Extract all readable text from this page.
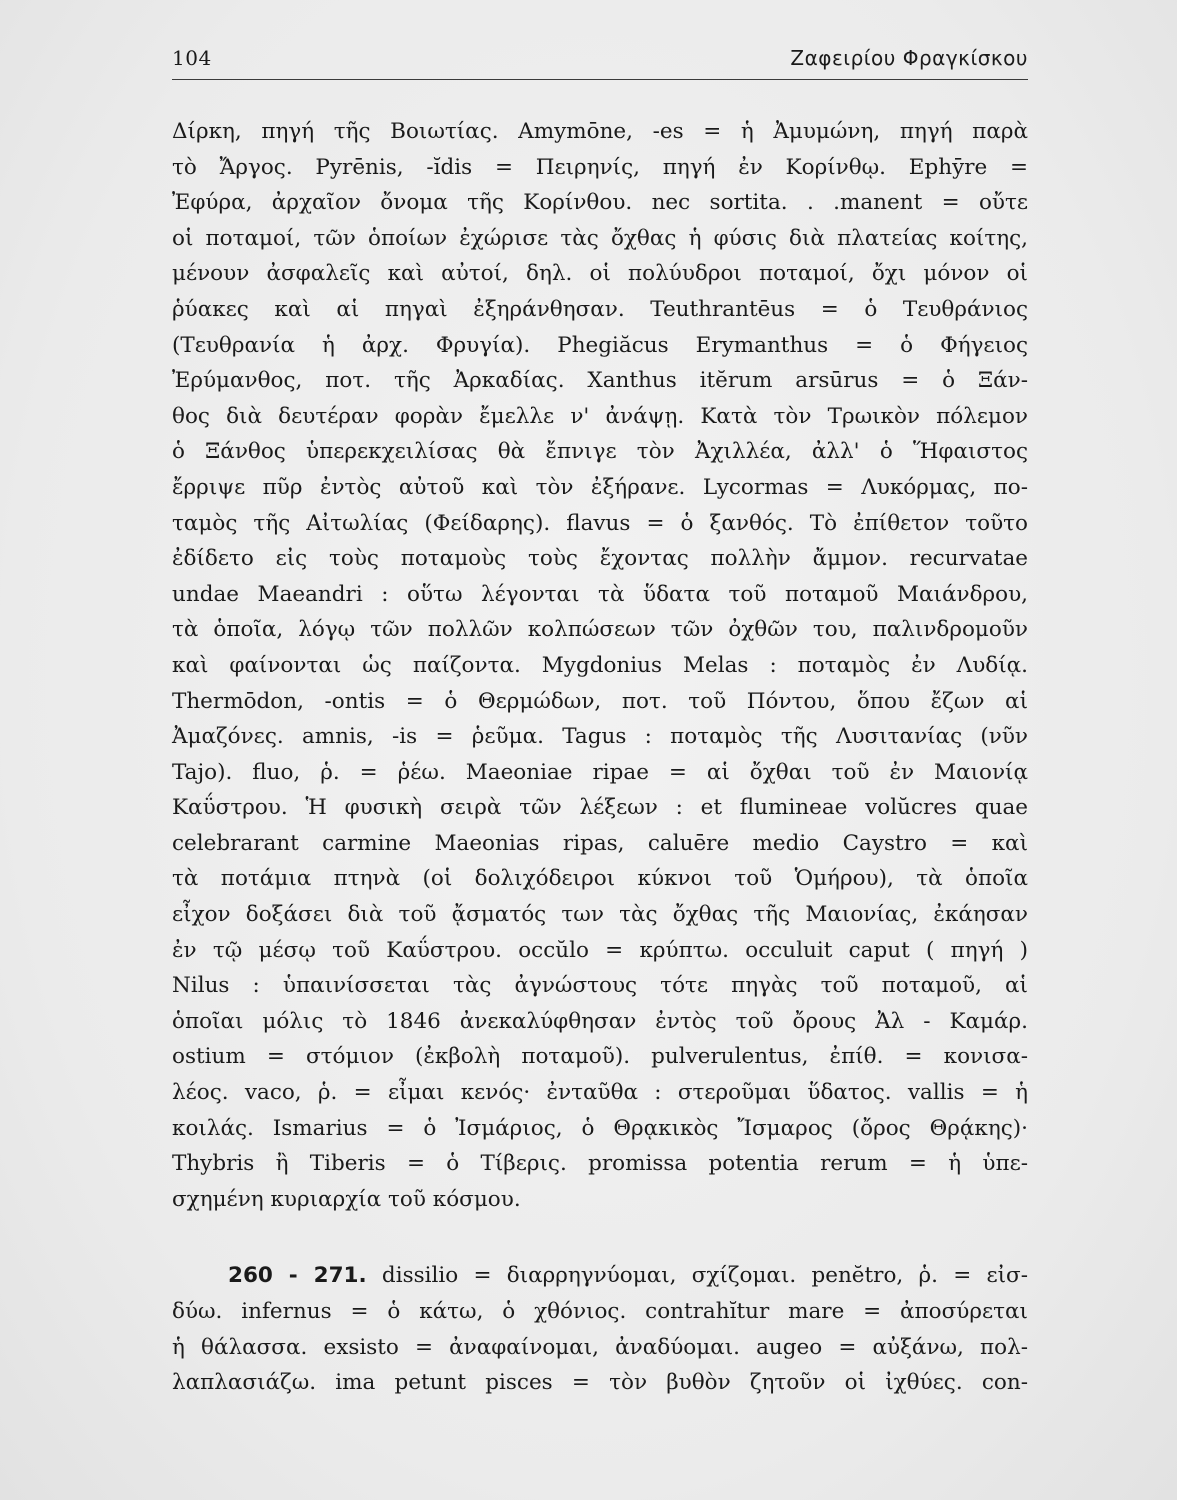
104	Ζαφειρίου Φραγκίσκου
Δίρκη, πηγή τῆς Βοιωτίας. Amymōne, -es = ἡ Ἀμυμώνη, πηγή παρὰ
τὸ Ἄργος. Pyrēnis, -ĭdis = Πειρηνίς, πηγή ἐν Κορίνθῳ. Ephȳre =
Ἐφύρα, ἀρχαῖον ὄνομα τῆς Κορίνθου. nec sortita. . .manent = οὔτε
οἱ ποταμοί, τῶν ὁποίων ἐχώρισε τὰς ὄχθας ἡ φύσις διὰ πλατείας κοίτης,
μένουν ἀσφαλεῖς καὶ αὐτοί, δηλ. οἱ πολύυδροι ποταμοί, ὄχι μόνον οἱ
ῥύακες καὶ αἱ πηγαὶ ἐξηράνθησαν. Teuthrantēus = ὁ Τευθράνιος
(Τευθρανία ἡ ἀρχ. Φρυγία). Phegiăcus Erymanthus = ὁ Φήγειος
Ἐρύμανθος, ποτ. τῆς Ἀρκαδίας. Xanthus itĕrum arsūrus = ὁ Ξάν-
θος διὰ δευτέραν φορὰν ἔμελλε ν' ἀνάψῃ. Κατὰ τὸν Τρωικὸν πόλεμον
ὁ Ξάνθος ὑπερεκχειλίσας θὰ ἔπνιγε τὸν Ἀχιλλέα, ἀλλ' ὁ Ἥφαιστος
ἔρριψε πῦρ ἐντὸς αὐτοῦ καὶ τὸν ἐξήρανε. Lycormas = Λυκόρμας, πο-
ταμὸς τῆς Αἰτωλίας (Φείδαρης). flavus = ὁ ξανθός. Τὸ ἐπίθετον τοῦτο
ἐδίδετο εἰς τοὺς ποταμοὺς τοὺς ἔχοντας πολλὴν ἄμμον. recurvatae
undae Maeandri : οὕτω λέγονται τὰ ὕδατα τοῦ ποταμοῦ Μαιάνδρου,
τὰ ὁποῖα, λόγῳ τῶν πολλῶν κολπώσεων τῶν ὀχθῶν του, παλινδρομοῦν
καὶ φαίνονται ὡς παίζοντα. Mygdonius Melas : ποταμὸς ἐν Λυδίᾳ.
Thermōdon, -ontis = ὁ Θερμώδων, ποτ. τοῦ Πόντου, ὅπου ἔζων αἱ
Ἀμαζόνες. amnis, -is = ῥεῦμα. Tagus : ποταμὸς τῆς Λυσιτανίας (νῦν
Tajo). fluo, ῥ. = ῥέω. Maeoniae ripae = αἱ ὄχθαι τοῦ ἐν Μαιονίᾳ
Καΰστρου. Ἡ φυσικὴ σειρὰ τῶν λέξεων : et flumineae volŭcres quae
celebrarant carmine Maeonias ripas, caluēre medio Caystro = καὶ
τὰ ποτάμια πτηνὰ (οἱ δολιχόδειροι κύκνοι τοῦ Ὁμήρου), τὰ ὁποῖα
εἶχον δοξάσει διὰ τοῦ ᾄσματός των τὰς ὄχθας τῆς Μαιονίας, ἐκάησαν
ἐν τῷ μέσῳ τοῦ Καΰστρου. occŭlo = κρύπτω. occuluit caput ( πηγή )
Nilus : ὑπαινίσσεται τὰς ἀγνώστους τότε πηγὰς τοῦ ποταμοῦ, αἱ
ὁποῖαι μόλις τὸ 1846 ἀνεκαλύφθησαν ἐντὸς τοῦ ὄρους Ἀλ - Καμάρ.
ostium = στόμιον (ἐκβολὴ ποταμοῦ). pulverulentus, ἐπίθ. = κονισα-
λέος. vaco, ῥ. = εἶμαι κενός· ἐνταῦθα : στεροῦμαι ὕδατος. vallis = ἡ
κοιλάς. Ismarius = ὁ Ἰσμάριος, ὁ Θρᾳκικὸς Ἴσμαρος (ὄρος Θρᾴκης)·
Thybris ἢ Tiberis = ὁ Τίβερις. promissa potentia rerum = ἡ ὑπε-
σχημένη κυριαρχία τοῦ κόσμου.
260 - 271. dissilio = διαρρηγνύομαι, σχίζομαι. penĕtro, ῥ. = εἰσ-
δύω. infernus = ὁ κάτω, ὁ χθόνιος. contrahĭtur mare = ἀποσύρεται
ἡ θάλασσα. exsisto = ἀναφαίνομαι, ἀναδύομαι. augeo = αὐξάνω, πολ-
λαπλασιάζω. ima petunt pisces = τὸν βυθὸν ζητοῦν οἱ ἰχθύες. con-
